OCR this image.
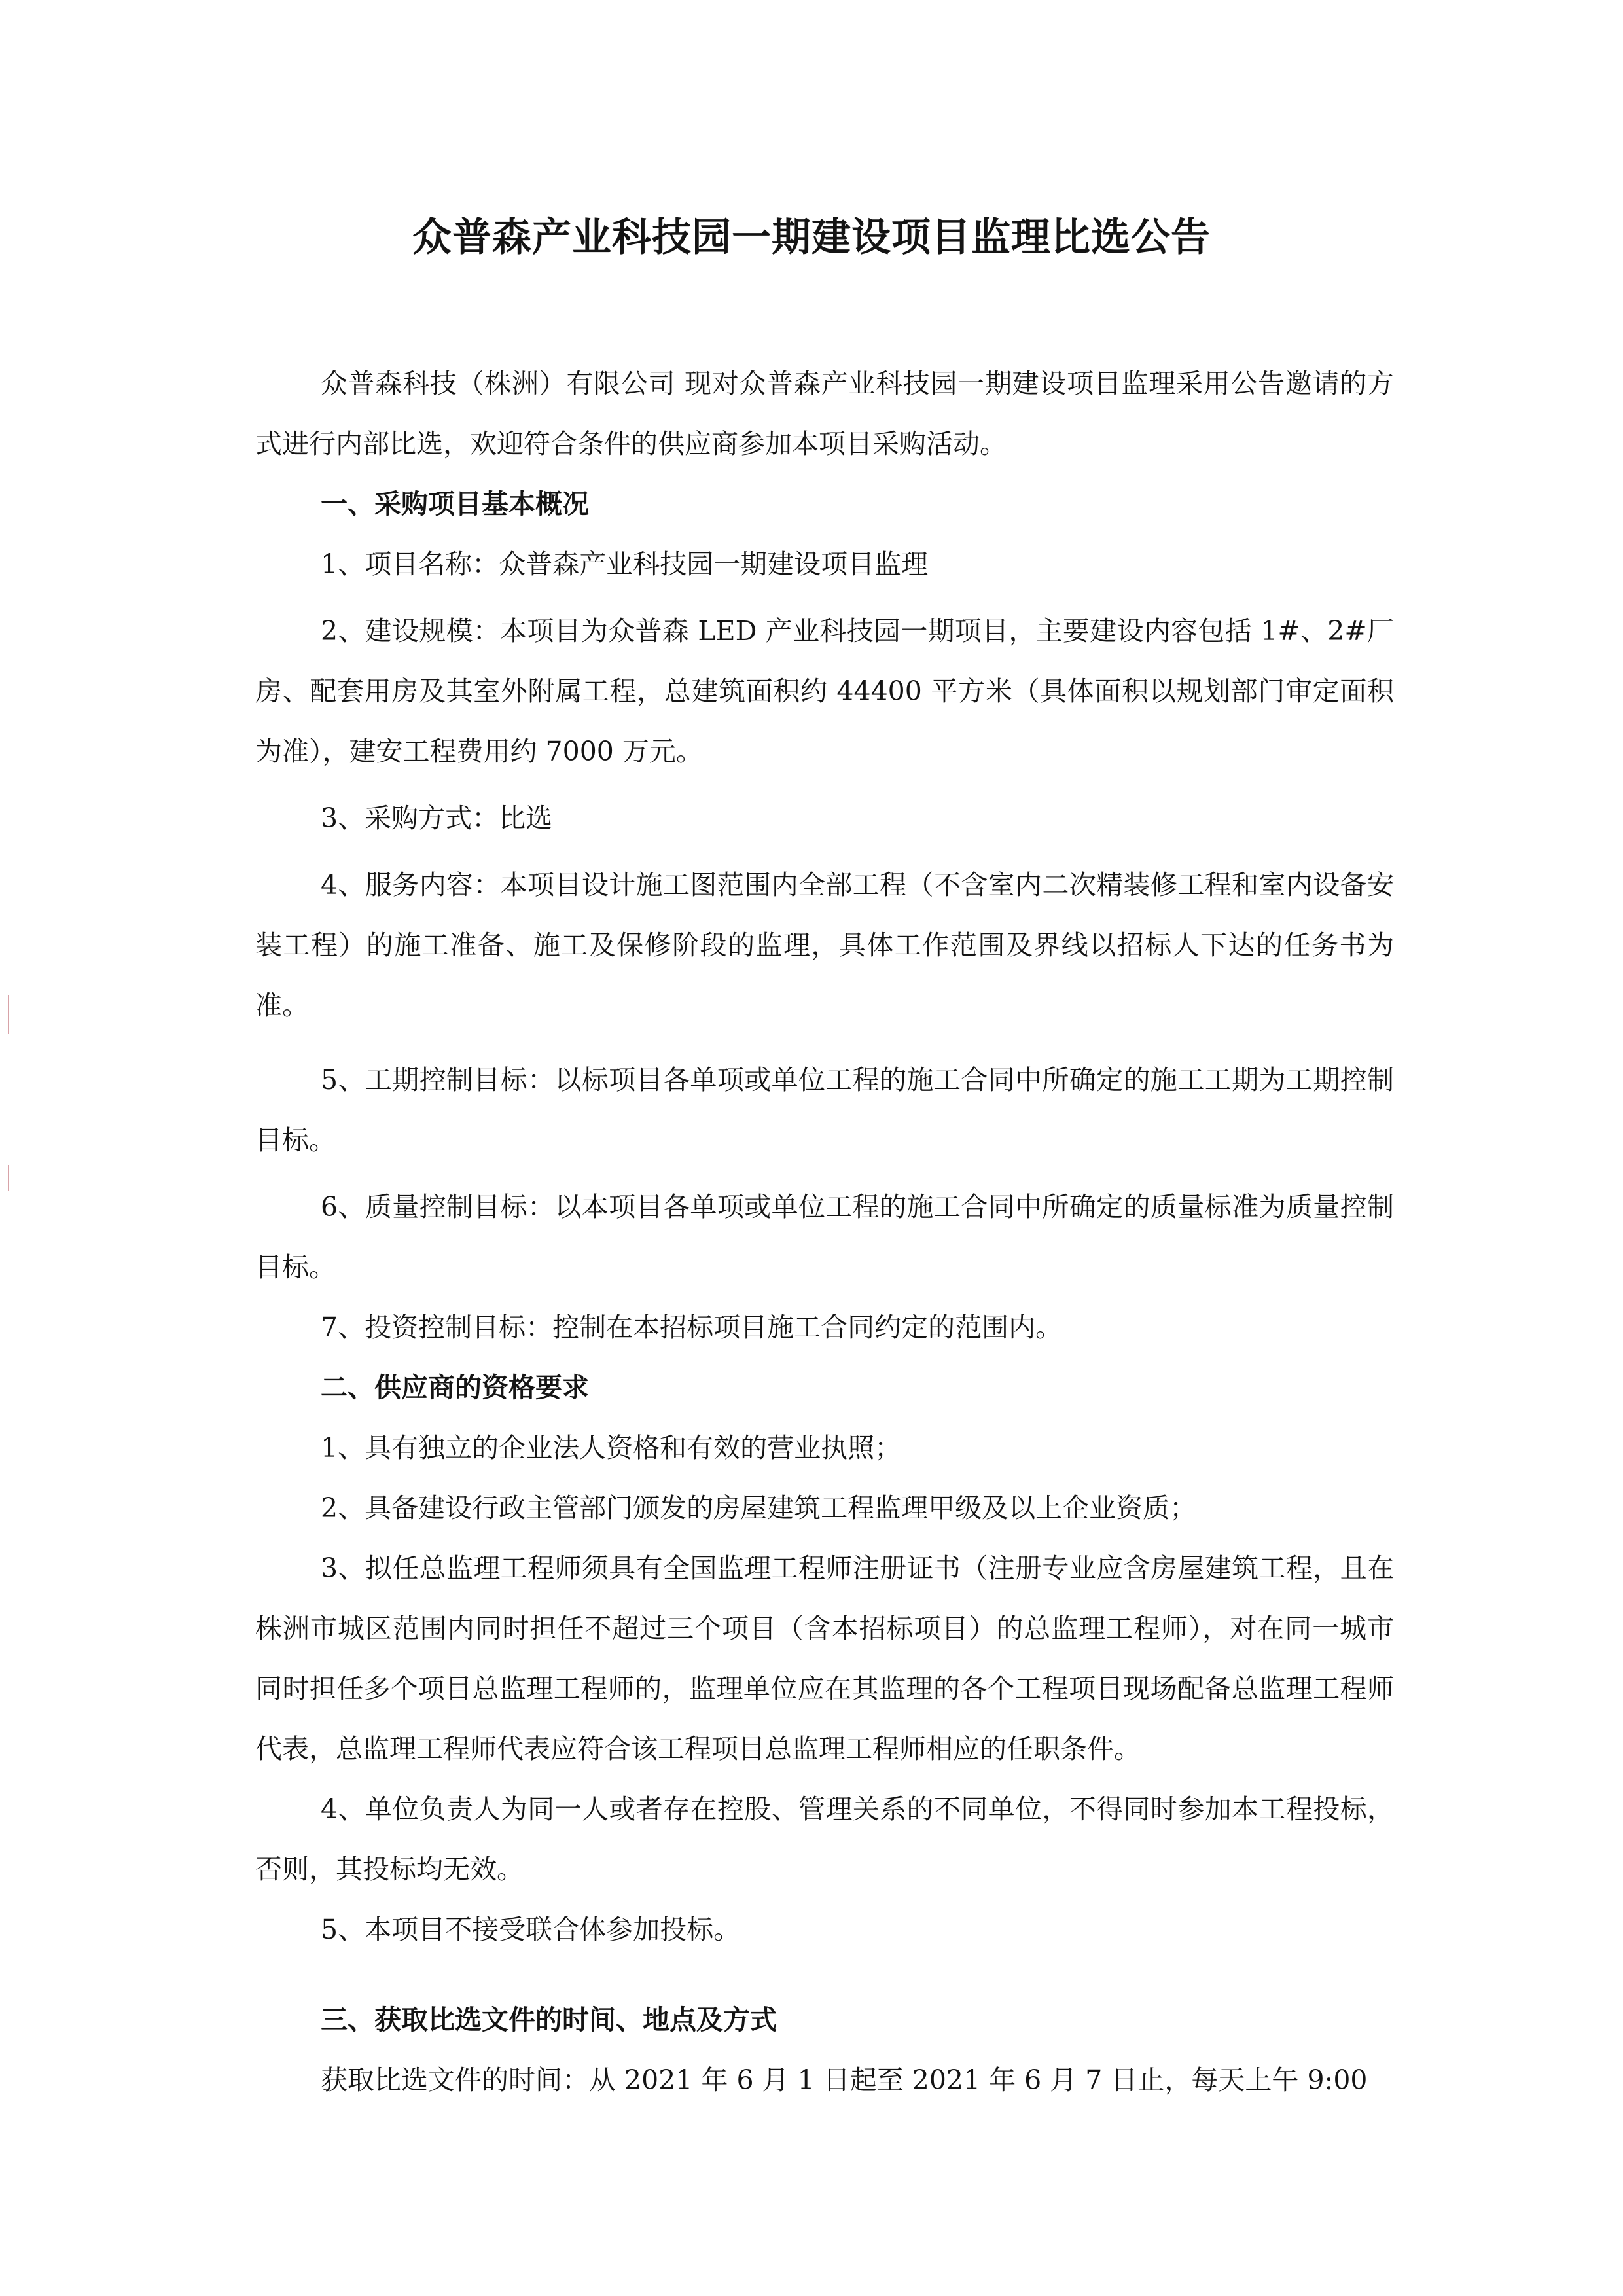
众普森产业科技园一期建设项目监理比选公告

众普森科技（株洲）有限公司 现对众普森产业科技园一期建设项目监理采用公告邀请的方式进行内部比选，欢迎符合条件的供应商参加本项目采购活动。

一、采购项目基本概况

1、项目名称：众普森产业科技园一期建设项目监理

2、建设规模：本项目为众普森 LED 产业科技园一期项目，主要建设内容包括 1#、2#厂房、配套用房及其室外附属工程，总建筑面积约 44400 平方米（具体面积以规划部门审定面积为准），建安工程费用约 7000 万元。

3、采购方式：比选

4、服务内容：本项目设计施工图范围内全部工程（不含室内二次精装修工程和室内设备安装工程）的施工准备、施工及保修阶段的监理，具体工作范围及界线以招标人下达的任务书为准。

5、工期控制目标：以标项目各单项或单位工程的施工合同中所确定的施工工期为工期控制目标。

6、质量控制目标：以本项目各单项或单位工程的施工合同中所确定的质量标准为质量控制目标。

7、投资控制目标：控制在本招标项目施工合同约定的范围内。

二、供应商的资格要求

1、具有独立的企业法人资格和有效的营业执照；

2、具备建设行政主管部门颁发的房屋建筑工程监理甲级及以上企业资质；

3、拟任总监理工程师须具有全国监理工程师注册证书（注册专业应含房屋建筑工程，且在株洲市城区范围内同时担任不超过三个项目（含本招标项目）的总监理工程师），对在同一城市同时担任多个项目总监理工程师的，监理单位应在其监理的各个工程项目现场配备总监理工程师代表，总监理工程师代表应符合该工程项目总监理工程师相应的任职条件。

4、单位负责人为同一人或者存在控股、管理关系的不同单位，不得同时参加本工程投标，否则，其投标均无效。

5、本项目不接受联合体参加投标。

三、获取比选文件的时间、地点及方式

获取比选文件的时间：从 2021 年 6 月 1 日起至 2021 年 6 月 7 日止，每天上午 9:00
